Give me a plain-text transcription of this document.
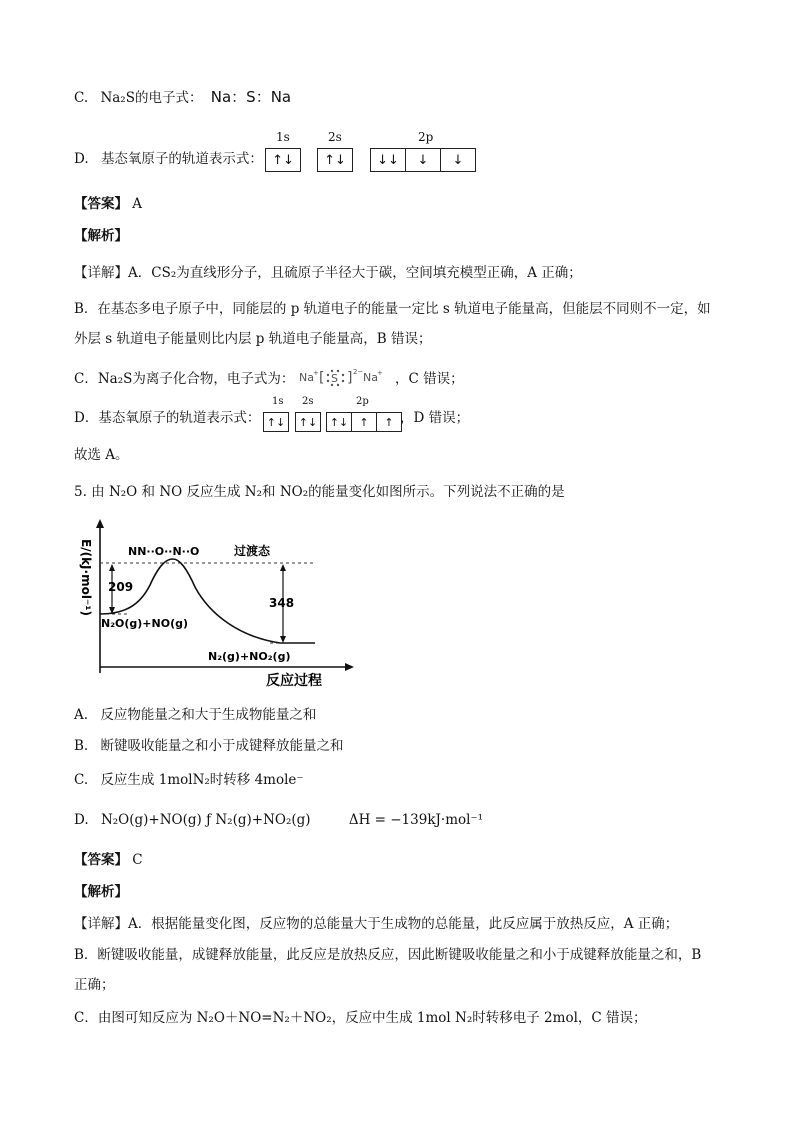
C. Na₂S的电子式： Na：S：Na
D. 基态氧原子的轨道表示式：
1s	2s	2p
↑↓	↑↓	↓↓	↓	↓
【答案】 A
【解析】
【详解】A．CS₂为直线形分子，且硫原子半径大于碳，空间填充模型正确，A 正确；
B．在基态多电子原子中，同能层的 p 轨道电子的能量一定比 s 轨道电子能量高，但能层不同则不一定，如
外层 s 轨道电子能量则比内层 p 轨道电子能量高，B 错误；
C．Na₂S为离子化合物，电子式为： Na + [ S ] 2− Na + ，C 错误；
D．基态氧原子的轨道表示式：
1s 2s	2p
↑↓ ↑↓ ↑↓	↑	↑ ，D 错误；
故选 A。
5. 由 N₂O 和 NO 反应生成 N₂和 NO₂的能量变化如图所示。下列说法不正确的是
E/(kJ·mol⁻¹)
反应过程
209
348
NN··O··N··O	过渡态
N₂O(g)+NO(g)
N₂(g)+NO₂(g)
A. 反应物能量之和大于生成物能量之和
B. 断键吸收能量之和小于成键释放能量之和
C. 反应生成 1molN₂时转移 4mole⁻
D. N₂O(g)+NO(g) ƒ N₂(g)+NO₂(g)	ΔH = −139kJ·mol⁻¹
【答案】 C
【解析】
【详解】A．根据能量变化图，反应物的总能量大于生成物的总能量，此反应属于放热反应，A 正确；
B．断键吸收能量，成键释放能量，此反应是放热反应，因此断键吸收能量之和小于成键释放能量之和，B
正确；
C．由图可知反应为 N₂O＋NO=N₂＋NO₂，反应中生成 1mol N₂时转移电子 2mol，C 错误；
